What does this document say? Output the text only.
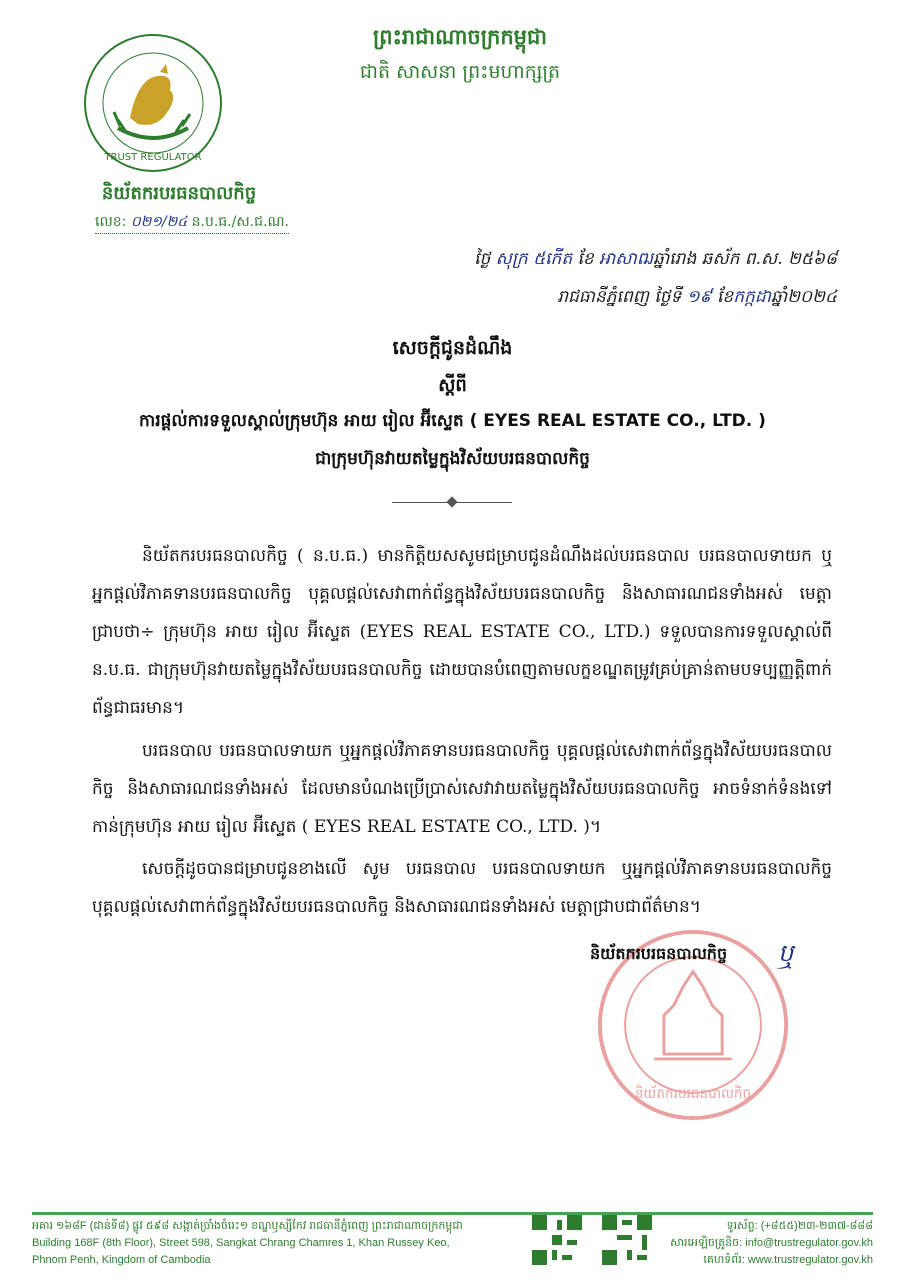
TRUST REGULATOR
និយ័តករបរធនបាលកិច្ច
លេខ: ០២១/២៤ ន.ប.ធ./ស.ជ.ណ.
ព្រះរាជាណាចក្រកម្ពុជា
ជាតិ សាសនា ព្រះមហាក្សត្រ
ថ្ងៃ សុក្រ ៥កើត ខែ អាសាឍឆ្នាំរោង ឆស័ក ព.ស. ២៥៦៨
រាជធានីភ្នំពេញ ថ្ងៃទី ១៩ ខែកក្កដាឆ្នាំ២០២៤
សេចក្តីជូនដំណឹង
ស្តីពី
ការផ្តល់ការទទួលស្គាល់ក្រុមហ៊ុន អាយ រៀល អ៊ីស្ទេត ( EYES REAL ESTATE CO., LTD. )
ជាក្រុមហ៊ុនវាយតម្លៃក្នុងវិស័យបរធនបាលកិច្ច
និយ័តករបរធនបាលកិច្ច ( ន.ប.ធ.) មានកិត្តិយសសូមជម្រាបជូនដំណឹងដល់បរធនបាល បរធនបាលទាយក ឬអ្នកផ្តល់វិភាគទានបរធនបាលកិច្ច បុគ្គលផ្តល់សេវាពាក់ព័ន្ធក្នុងវិស័យបរធនបាលកិច្ច និងសាធារណជនទាំងអស់ មេត្តាជ្រាបថា÷ ក្រុមហ៊ុន អាយ រៀល អ៊ីស្ទេត (EYES REAL ESTATE CO., LTD.) ទទួលបានការទទួលស្គាល់ពី ន.ប.ធ. ជាក្រុមហ៊ុនវាយតម្លៃក្នុងវិស័យបរធនបាលកិច្ច ដោយបានបំពេញតាមលក្ខខណ្ឌតម្រូវគ្រប់គ្រាន់តាមបទប្បញ្ញត្តិពាក់ព័ន្ធជាធរមាន។
បរធនបាល បរធនបាលទាយក ឬអ្នកផ្តល់វិភាគទានបរធនបាលកិច្ច បុគ្គលផ្តល់សេវាពាក់ព័ន្ធក្នុងវិស័យបរធនបាលកិច្ច និងសាធារណជនទាំងអស់ ដែលមានបំណងប្រើប្រាស់សេវាវាយតម្លៃក្នុងវិស័យបរធនបាលកិច្ច អាចទំនាក់ទំនងទៅកាន់ក្រុមហ៊ុន អាយ រៀល អ៊ីស្ទេត ( EYES REAL ESTATE CO., LTD. )។
សេចក្តីដូចបានជម្រាបជូនខាងលើ សូម បរធនបាល បរធនបាលទាយក ឬអ្នកផ្តល់វិភាគទានបរធនបាលកិច្ច បុគ្គលផ្តល់សេវាពាក់ព័ន្ធក្នុងវិស័យបរធនបាលកិច្ច និងសាធារណជនទាំងអស់ មេត្តាជ្រាបជាព័ត៌មាន។
និយ័តករបរធនបាលកិច្ច
និយ័តករបរធនបាលកិច្ច ឬ
អគារ ១៦៨F (ជាន់ទី៨) ផ្លូវ ៥៩៨ សង្កាត់ច្រាំងចំរេះ១ ខណ្ឌឫស្សីកែវ រាជធានីភ្នំពេញ ព្រះរាជាណាចក្រកម្ពុជា
Building 168F (8th Floor), Street 598, Sangkat Chrang Chamres 1, Khan Russey Keo,
Phnom Penh, Kingdom of Cambodia
ទូរស័ព្ទ: (+៨៥៥)២៣-២៣៧-៨៨៨
សារអេឡិចត្រូនិច: info@trustregulator.gov.kh
គេហទំព័រ: www.trustregulator.gov.kh
